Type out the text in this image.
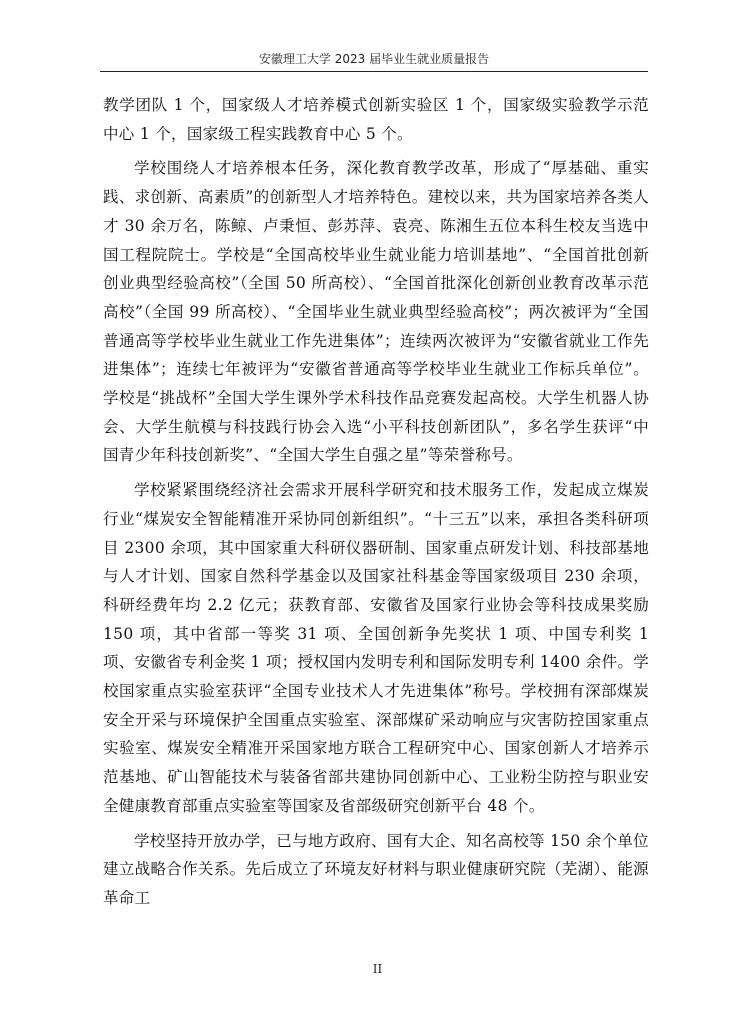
安徽理工大学 2023 届毕业生就业质量报告

教学团队 1 个，国家级人才培养模式创新实验区 1 个，国家级实验教学示范中心 1 个，国家级工程实践教育中心 5 个。

学校围绕人才培养根本任务，深化教育教学改革，形成了“厚基础、重实践、求创新、高素质”的创新型人才培养特色。建校以来，共为国家培养各类人才 30 余万名，陈鲸、卢秉恒、彭苏萍、袁亮、陈湘生五位本科生校友当选中国工程院院士。学校是“全国高校毕业生就业能力培训基地”、“全国首批创新创业典型经验高校”（全国 50 所高校）、“全国首批深化创新创业教育改革示范高校”（全国 99 所高校）、“全国毕业生就业典型经验高校”；两次被评为“全国普通高等学校毕业生就业工作先进集体”；连续两次被评为“安徽省就业工作先进集体”；连续七年被评为“安徽省普通高等学校毕业生就业工作标兵单位”。学校是“挑战杯”全国大学生课外学术科技作品竞赛发起高校。大学生机器人协会、大学生航模与科技践行协会入选“小平科技创新团队”，多名学生获评“中国青少年科技创新奖”、“全国大学生自强之星”等荣誉称号。

学校紧紧围绕经济社会需求开展科学研究和技术服务工作，发起成立煤炭行业“煤炭安全智能精准开采协同创新组织”。“十三五”以来，承担各类科研项目 2300 余项，其中国家重大科研仪器研制、国家重点研发计划、科技部基地与人才计划、国家自然科学基金以及国家社科基金等国家级项目 230 余项，科研经费年均 2.2 亿元；获教育部、安徽省及国家行业协会等科技成果奖励 150 项，其中省部一等奖 31 项、全国创新争先奖状 1 项、中国专利奖 1 项、安徽省专利金奖 1 项；授权国内发明专利和国际发明专利 1400 余件。学校国家重点实验室获评“全国专业技术人才先进集体”称号。学校拥有深部煤炭安全开采与环境保护全国重点实验室、深部煤矿采动响应与灾害防控国家重点实验室、煤炭安全精准开采国家地方联合工程研究中心、国家创新人才培养示范基地、矿山智能技术与装备省部共建协同创新中心、工业粉尘防控与职业安全健康教育部重点实验室等国家及省部级研究创新平台 48 个。

学校坚持开放办学，已与地方政府、国有大企、知名高校等 150 余个单位建立战略合作关系。先后成立了环境友好材料与职业健康研究院（芜湖）、能源革命工

II
